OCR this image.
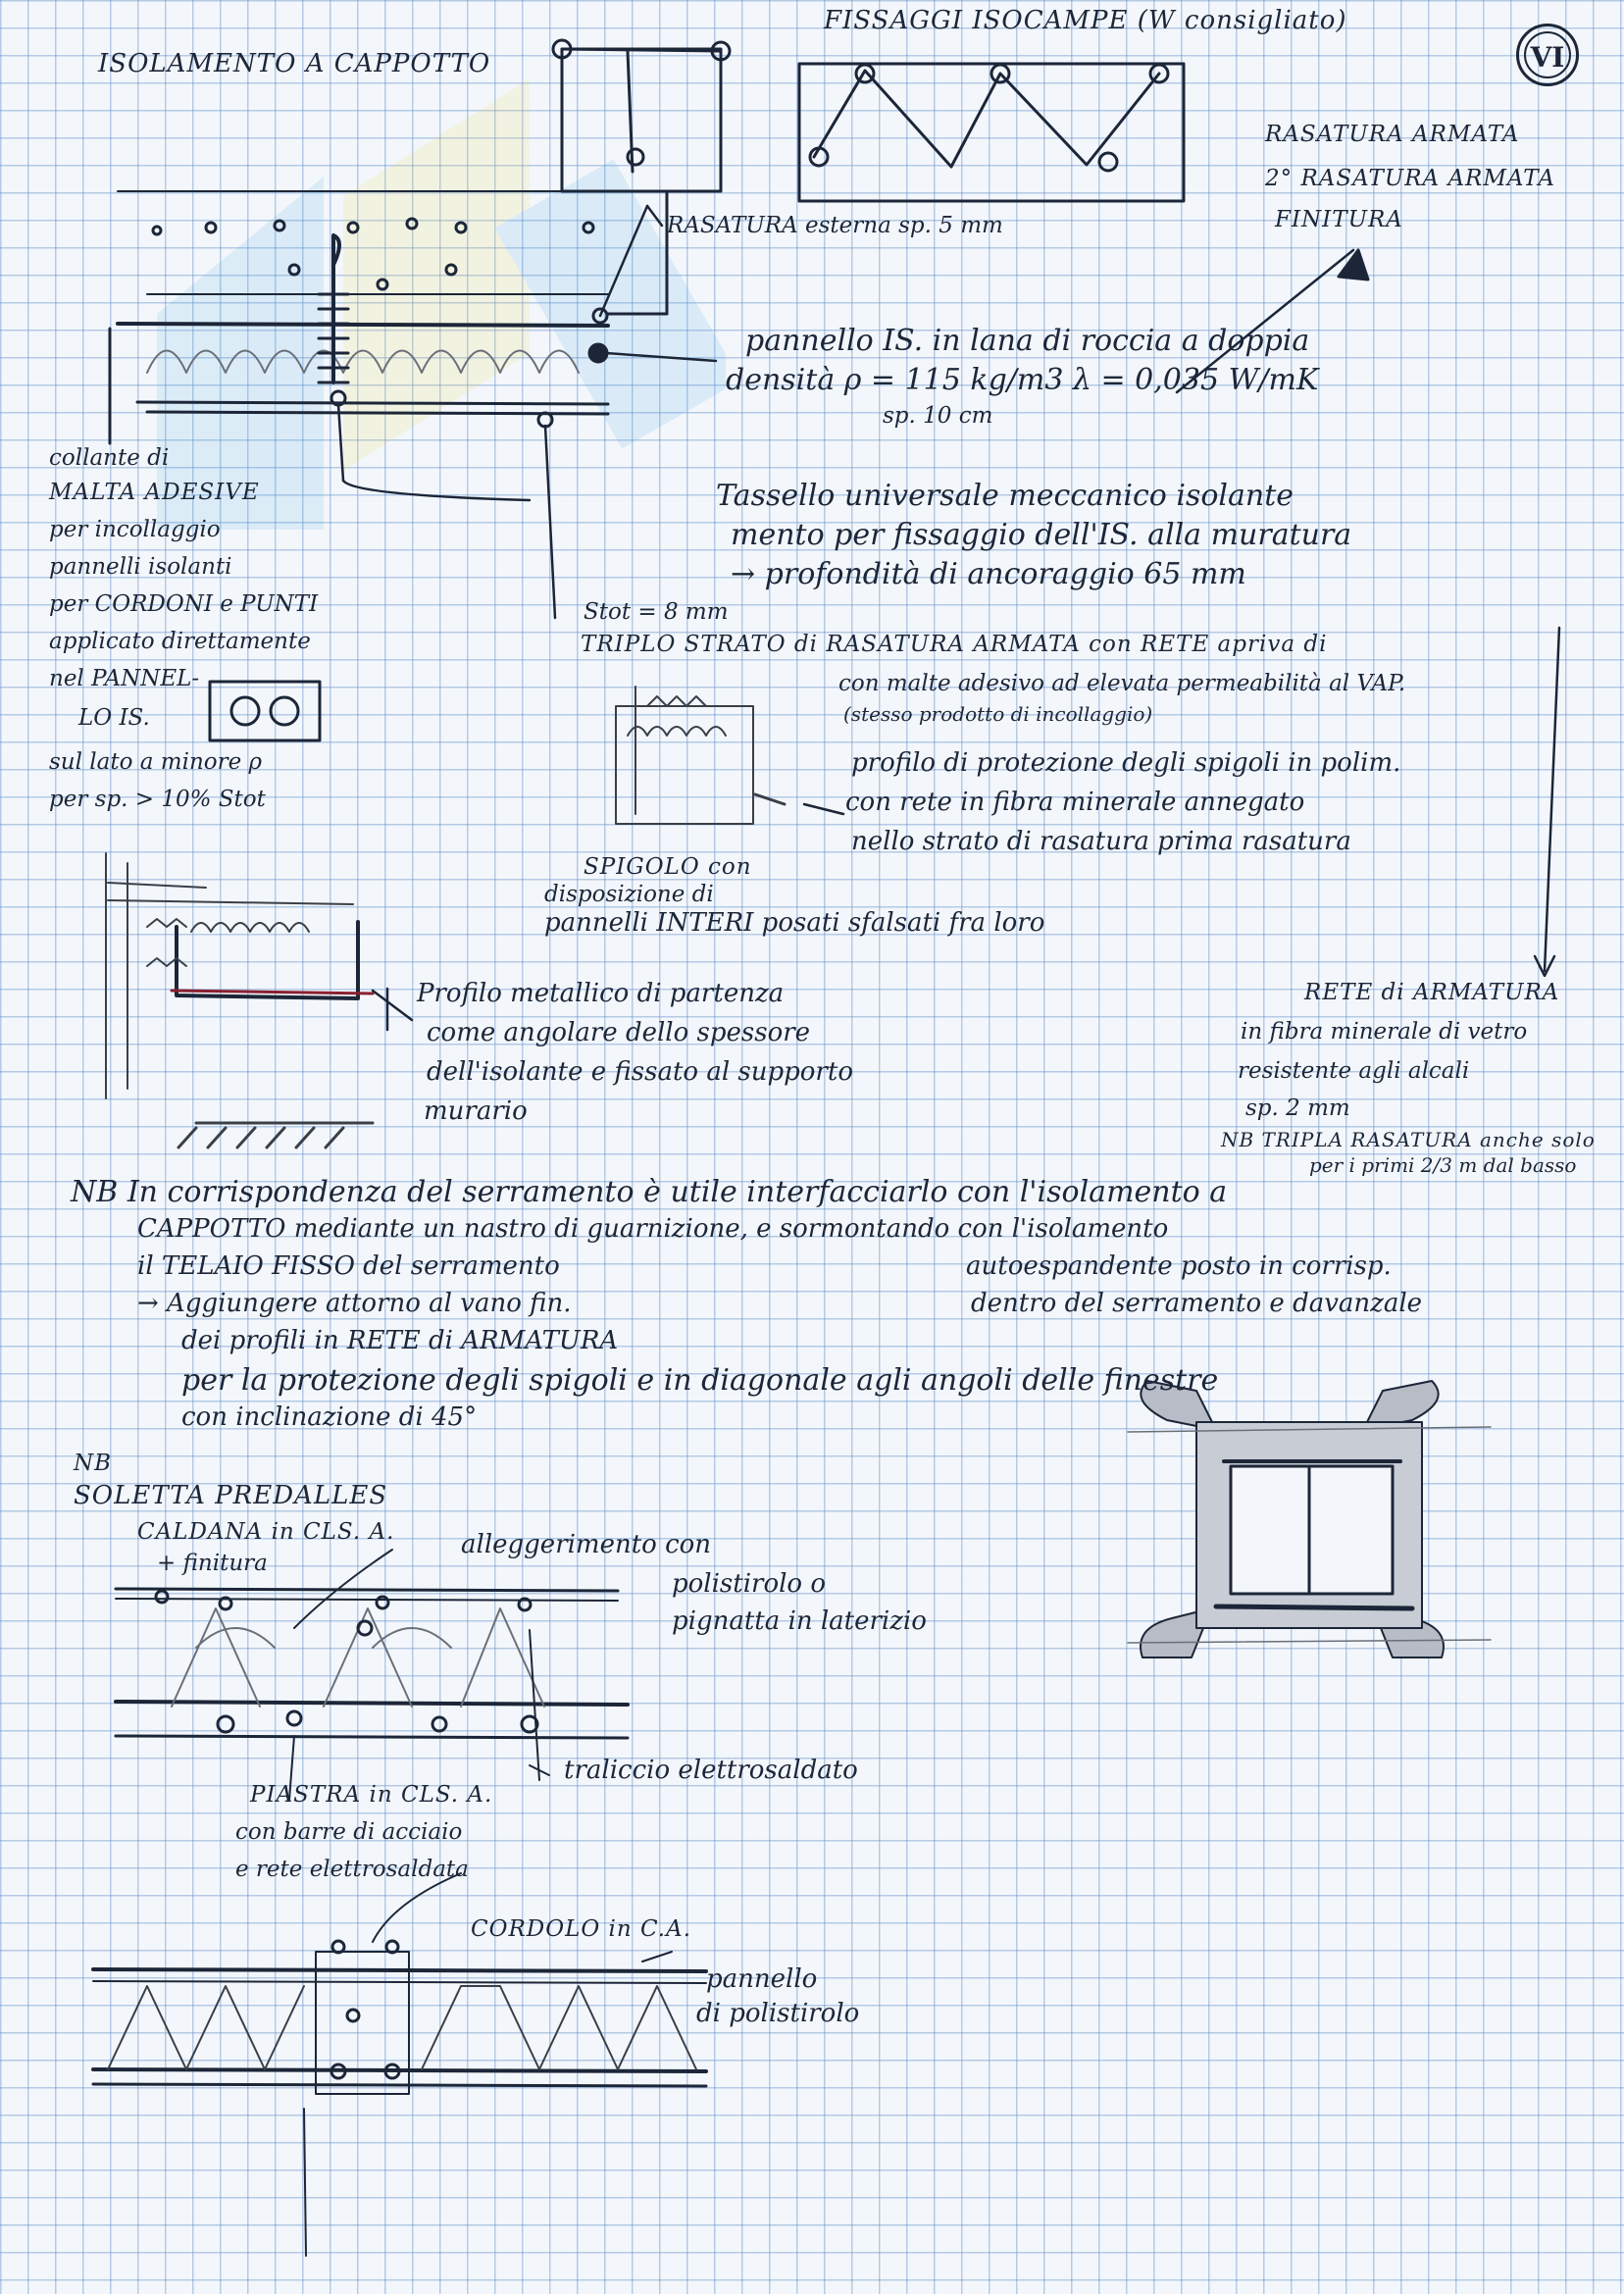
VI

ISOLAMENTO A CAPPOTTO

FISSAGGI ISOCAMPE (W consigliato)

RASATURA ARMATA

2° RASATURA ARMATA

FINITURA

RASATURA esterna sp. 5 mm

pannello IS. in lana di roccia a doppia

densità ρ = 115 kg/m3 λ = 0,035 W/mK

sp. 10 cm

collante di

MALTA ADESIVE

per incollaggio

pannelli isolanti

per CORDONI e PUNTI

applicato direttamente

nel PANNEL-

LO IS.

sul lato a minore ρ

per sp. > 10% Stot

Tassello universale meccanico isolante

mento per fissaggio dell'IS. alla muratura

→ profondità di ancoraggio 65 mm

Stot = 8 mm

TRIPLO STRATO di RASATURA ARMATA con RETE apriva di

con malte adesivo ad elevata permeabilità al VAP.

(stesso prodotto di incollaggio)

profilo di protezione degli spigoli in polim.

con rete in fibra minerale annegato

nello strato di rasatura prima rasatura

SPIGOLO con

disposizione di

pannelli INTERI posati sfalsati fra loro

Profilo metallico di partenza

come angolare dello spessore

dell'isolante e fissato al supporto

murario

RETE di ARMATURA

in fibra minerale di vetro

resistente agli alcali

sp. 2 mm

NB TRIPLA RASATURA anche solo

per i primi 2/3 m dal basso

NB In corrispondenza del serramento è utile interfacciarlo con l'isolamento a

CAPPOTTO mediante un nastro di guarnizione, e sormontando con l'isolamento

il TELAIO FISSO del serramento	autoespandente posto in corrisp.

dentro del serramento e davanzale

→ Aggiungere attorno al vano fin.

dei profili in RETE di ARMATURA

per la protezione degli spigoli e in diagonale agli angoli delle finestre

con inclinazione di 45°

NB

SOLETTA PREDALLES

CALDANA in CLS. A.

+ finitura

alleggerimento con

polistirolo o

pignatta in laterizio

traliccio elettrosaldato

PIASTRA in CLS. A.

con barre di acciaio

e rete elettrosaldata

CORDOLO in C.A.

pannello

di polistirolo
